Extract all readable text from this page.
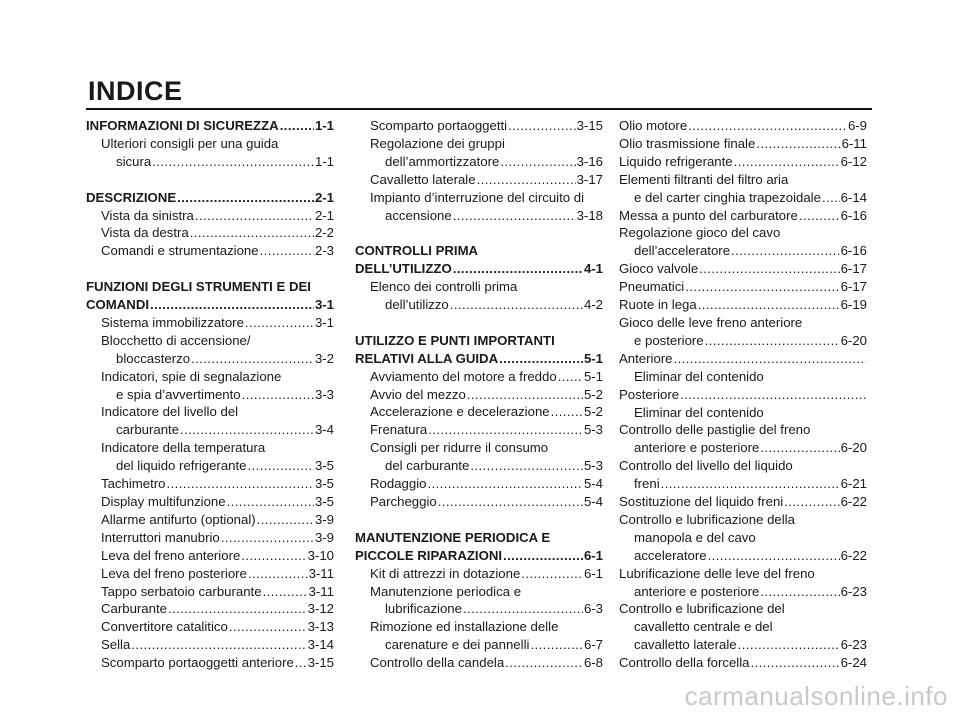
INDICE
INFORMAZIONI DI SICUREZZA .....	1-1
Ulteriori consigli per una guida
sicura .....	1-1
DESCRIZIONE .....	2-1
Vista da sinistra .....	2-1
Vista da destra .....	2-2
Comandi e strumentazione .....	2-3
FUNZIONI DEGLI STRUMENTI E DEI
COMANDI .....	3-1
Sistema immobilizzatore .....	3-1
Blocchetto di accensione/
bloccasterzo .....	3-2
Indicatori, spie di segnalazione
e spia d’avvertimento .....	3-3
Indicatore del livello del
carburante .....	3-4
Indicatore della temperatura
del liquido refrigerante .....	3-5
Tachimetro .....	3-5
Display multifunzione .....	3-5
Allarme antifurto (optional) .....	3-9
Interruttori manubrio .....	3-9
Leva del freno anteriore .....	3-10
Leva del freno posteriore .....	3-11
Tappo serbatoio carburante .....	3-11
Carburante .....	3-12
Convertitore catalitico .....	3-13
Sella .....	3-14
Scomparto portaoggetti anteriore ..... 3-15
Scomparto portaoggetti .....	3-15
Regolazione dei gruppi
dell’ammortizzatore .....	3-16
Cavalletto laterale .....	3-17
Impianto d’interruzione del circuito di
accensione .....	3-18
CONTROLLI PRIMA
DELL’UTILIZZO .....	4-1
Elenco dei controlli prima
dell’utilizzo .....	4-2
UTILIZZO E PUNTI IMPORTANTI
RELATIVI ALLA GUIDA .....	5-1
Avviamento del motore a freddo ..... 5-1
Avvio del mezzo .....	5-2
Accelerazione e decelerazione .....	5-2
Frenatura .....	5-3
Consigli per ridurre il consumo
del carburante .....	5-3
Rodaggio .....	5-4
Parcheggio .....	5-4
MANUTENZIONE PERIODICA E
PICCOLE RIPARAZIONI .....	6-1
Kit di attrezzi in dotazione .....	6-1
Manutenzione periodica e
lubrificazione .....	6-3
Rimozione ed installazione delle
carenature e dei pannelli .....	6-7
Controllo della candela .....	6-8
Olio motore .....	6-9
Olio trasmissione finale .....	6-11
Liquido refrigerante .....	6-12
Elementi filtranti del filtro aria
e del carter cinghia trapezoidale ..... 6-14
Messa a punto del carburatore .....	6-16
Regolazione gioco del cavo
dell’acceleratore .....	6-16
Gioco valvole .....	6-17
Pneumatici .....	6-17
Ruote in lega .....	6-19
Gioco delle leve freno anteriore
e posteriore .....	6-20
Anteriore
.....
Eliminar del contenido
Posteriore
.....
Eliminar del contenido
Controllo delle pastiglie del freno
anteriore e posteriore .....	6-20
Controllo del livello del liquido
freni .....	6-21
Sostituzione del liquido freni .....	6-22
Controllo e lubrificazione della
manopola e del cavo
acceleratore .....	6-22
Lubrificazione delle leve del freno
anteriore e posteriore .....	6-23
Controllo e lubrificazione del
cavalletto centrale e del
cavalletto laterale .....	6-23
Controllo della forcella .....	6-24
carmanualsonline.info
